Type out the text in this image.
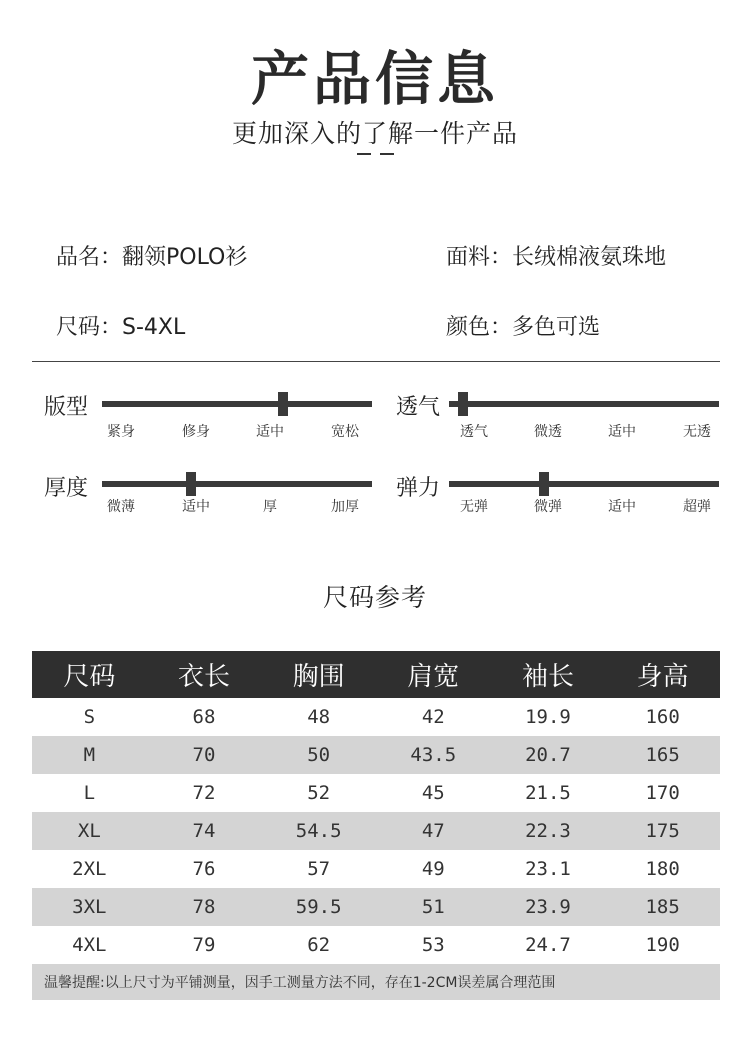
产品信息
更加深入的了解一件产品
品名：翻领POLO衫	面料：长绒棉液氨珠地
尺码：S-4XL	颜色：多色可选
版型
紧身	修身	适中	宽松
透气
透气	微透	适中	无透
厚度
微薄	适中	厚	加厚
弹力
无弹	微弹	适中	超弹
尺码参考
尺码	衣长	胸围	肩宽	袖长	身高
S	68	48	42	19.9	160
M	70	50	43.5	20.7	165
L	72	52	45	21.5	170
XL	74	54.5	47	22.3	175
2XL	76	57	49	23.1	180
3XL	78	59.5	51	23.9	185
4XL	79	62	53	24.7	190
温馨提醒:以上尺寸为平铺测量，因手工测量方法不同，存在1-2CM误差属合理范围
